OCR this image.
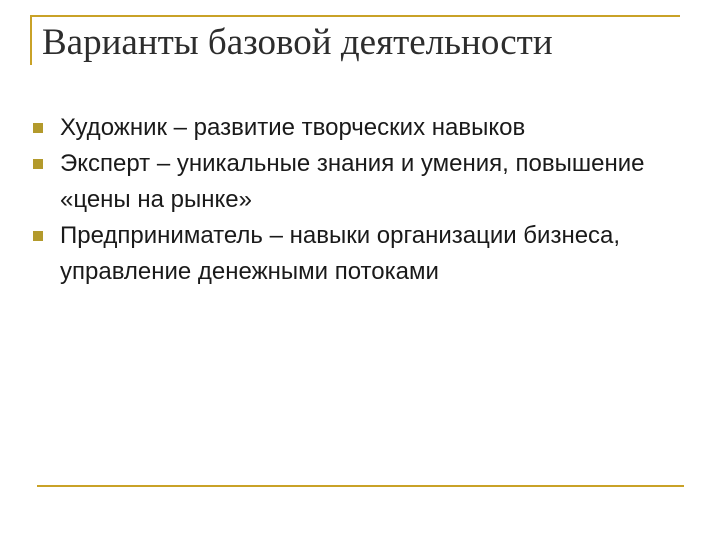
Варианты базовой деятельности
Художник – развитие творческих навыков
Эксперт – уникальные знания и умения, повышение «цены на рынке»
Предприниматель – навыки организации бизнеса, управление денежными потоками
